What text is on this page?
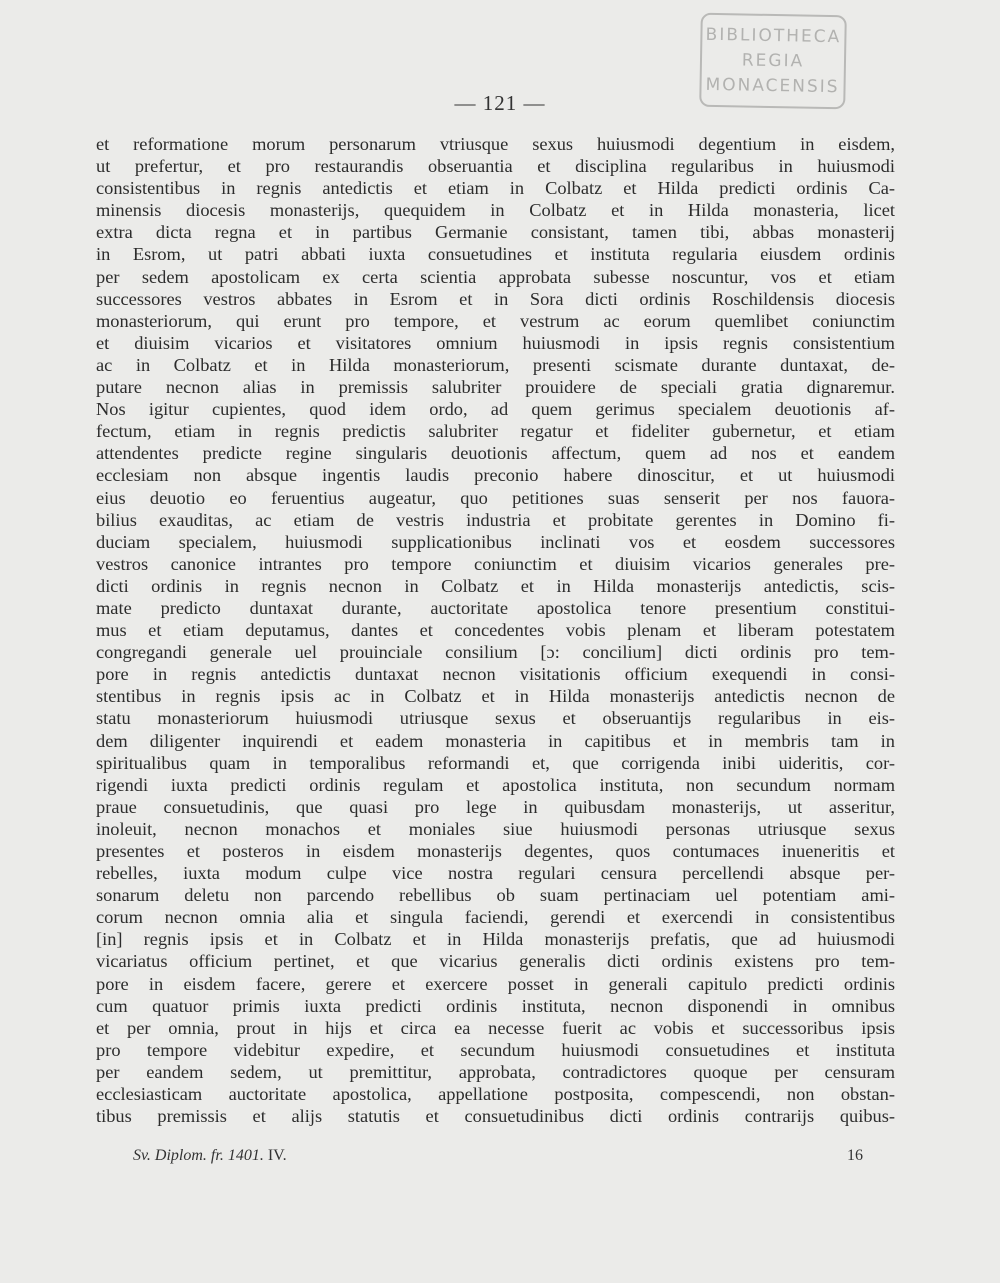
BIBLIOTHECA
REGIA
MONACENSIS
— 121 —
et reformatione morum personarum vtriusque sexus huiusmodi degentium in eisdem,
ut prefertur, et pro restaurandis obseruantia et disciplina regularibus in huiusmodi
consistentibus in regnis antedictis et etiam in Colbatz et Hilda predicti ordinis Ca-
minensis diocesis monasterijs, quequidem in Colbatz et in Hilda monasteria, licet
extra dicta regna et in partibus Germanie consistant, tamen tibi, abbas monasterij
in Esrom, ut patri abbati iuxta consuetudines et instituta regularia eiusdem ordinis
per sedem apostolicam ex certa scientia approbata subesse noscuntur, vos et etiam
successores vestros abbates in Esrom et in Sora dicti ordinis Roschildensis diocesis
monasteriorum, qui erunt pro tempore, et vestrum ac eorum quemlibet coniunctim
et diuisim vicarios et visitatores omnium huiusmodi in ipsis regnis consistentium
ac in Colbatz et in Hilda monasteriorum, presenti scismate durante duntaxat, de-
putare necnon alias in premissis salubriter prouidere de speciali gratia dignaremur.
Nos igitur cupientes, quod idem ordo, ad quem gerimus specialem deuotionis af-
fectum, etiam in regnis predictis salubriter regatur et fideliter gubernetur, et etiam
attendentes predicte regine singularis deuotionis affectum, quem ad nos et eandem
ecclesiam non absque ingentis laudis preconio habere dinoscitur, et ut huiusmodi
eius deuotio eo feruentius augeatur, quo petitiones suas senserit per nos fauora-
bilius exauditas, ac etiam de vestris industria et probitate gerentes in Domino fi-
duciam specialem, huiusmodi supplicationibus inclinati vos et eosdem successores
vestros canonice intrantes pro tempore coniunctim et diuisim vicarios generales pre-
dicti ordinis in regnis necnon in Colbatz et in Hilda monasterijs antedictis, scis-
mate predicto duntaxat durante, auctoritate apostolica tenore presentium constitui-
mus et etiam deputamus, dantes et concedentes vobis plenam et liberam potestatem
congregandi generale uel prouinciale consilium [ɔ: concilium] dicti ordinis pro tem-
pore in regnis antedictis duntaxat necnon visitationis officium exequendi in consi-
stentibus in regnis ipsis ac in Colbatz et in Hilda monasterijs antedictis necnon de
statu monasteriorum huiusmodi utriusque sexus et obseruantijs regularibus in eis-
dem diligenter inquirendi et eadem monasteria in capitibus et in membris tam in
spiritualibus quam in temporalibus reformandi et, que corrigenda inibi uideritis, cor-
rigendi iuxta predicti ordinis regulam et apostolica instituta, non secundum normam
praue consuetudinis, que quasi pro lege in quibusdam monasterijs, ut asseritur,
inoleuit, necnon monachos et moniales siue huiusmodi personas utriusque sexus
presentes et posteros in eisdem monasterijs degentes, quos contumaces inueneritis et
rebelles, iuxta modum culpe vice nostra regulari censura percellendi absque per-
sonarum deletu non parcendo rebellibus ob suam pertinaciam uel potentiam ami-
corum necnon omnia alia et singula faciendi, gerendi et exercendi in consistentibus
[in] regnis ipsis et in Colbatz et in Hilda monasterijs prefatis, que ad huiusmodi
vicariatus officium pertinet, et que vicarius generalis dicti ordinis existens pro tem-
pore in eisdem facere, gerere et exercere posset in generali capitulo predicti ordinis
cum quatuor primis iuxta predicti ordinis instituta, necnon disponendi in omnibus
et per omnia, prout in hijs et circa ea necesse fuerit ac vobis et successoribus ipsis
pro tempore videbitur expedire, et secundum huiusmodi consuetudines et instituta
per eandem sedem, ut premittitur, approbata, contradictores quoque per censuram
ecclesiasticam auctoritate apostolica, appellatione postposita, compescendi, non obstan-
tibus premissis et alijs statutis et consuetudinibus dicti ordinis contrarijs quibus-
Sv. Diplom. fr. 1401. IV.	16
